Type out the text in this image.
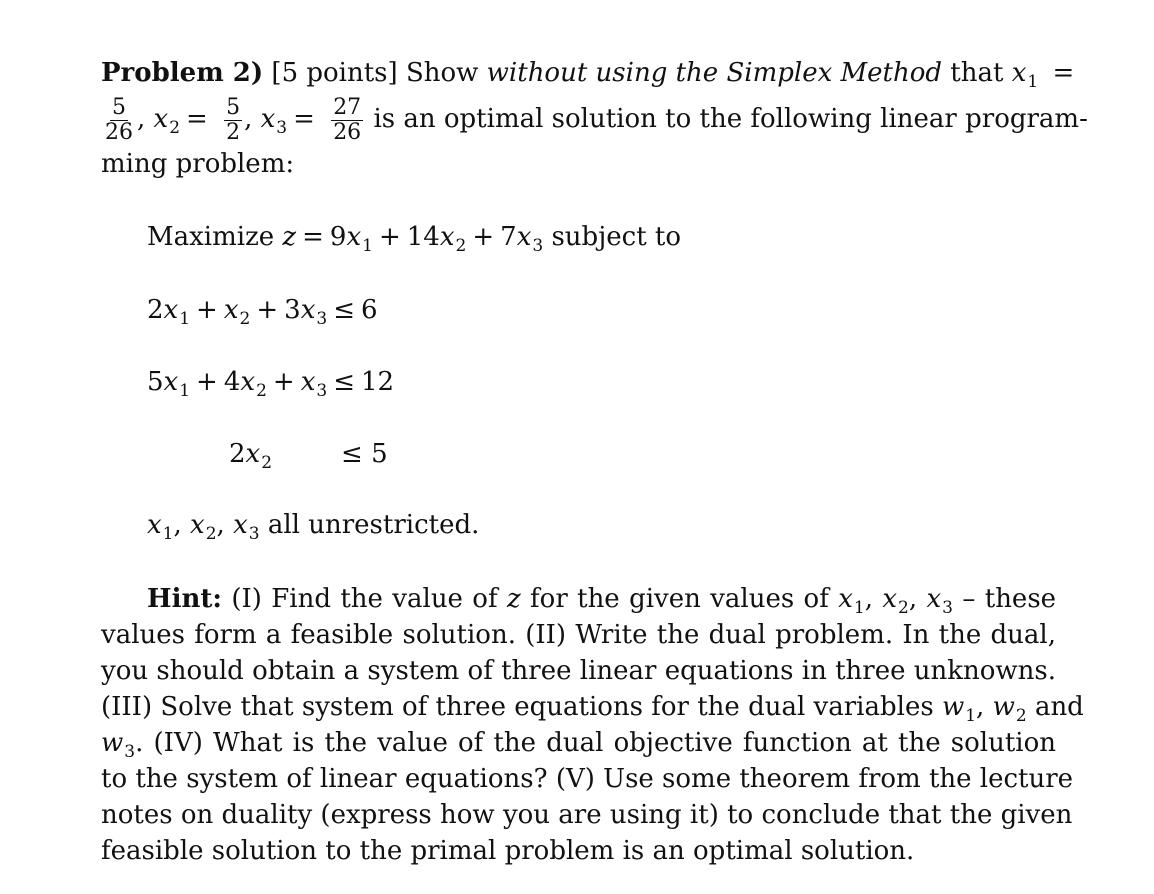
Problem 2) [5 points] Show without using the Simplex Method that $x_1$ =
$\frac{5}{26}$ , $x_2 = \frac{5}{2}$ , $x_3 = \frac{27}{26}$ is an optimal solution to the following linear program-
ming problem:
Maximize $z = 9x_1 + 14x_2 + 7x_3$ subject to
$2x_1 + x_2 + 3x_3 \le 6$
$5x_1 + 4x_2 + x_3 \le 12$
$2x_2$	≤ 5
$x_1$, $x_2$, $x_3$ all unrestricted.
Hint: (I) Find the value of z for the given values of $x_1$, $x_2$, $x_3$ – these
values form a feasible solution. (II) Write the dual problem. In the dual,
you should obtain a system of three linear equations in three unknowns.
(III) Solve that system of three equations for the dual variables $w_1$, $w_2$ and
$w_3$. (IV) What is the value of the dual objective function at the solution
to the system of linear equations? (V) Use some theorem from the lecture
notes on duality (express how you are using it) to conclude that the given
feasible solution to the primal problem is an optimal solution.
